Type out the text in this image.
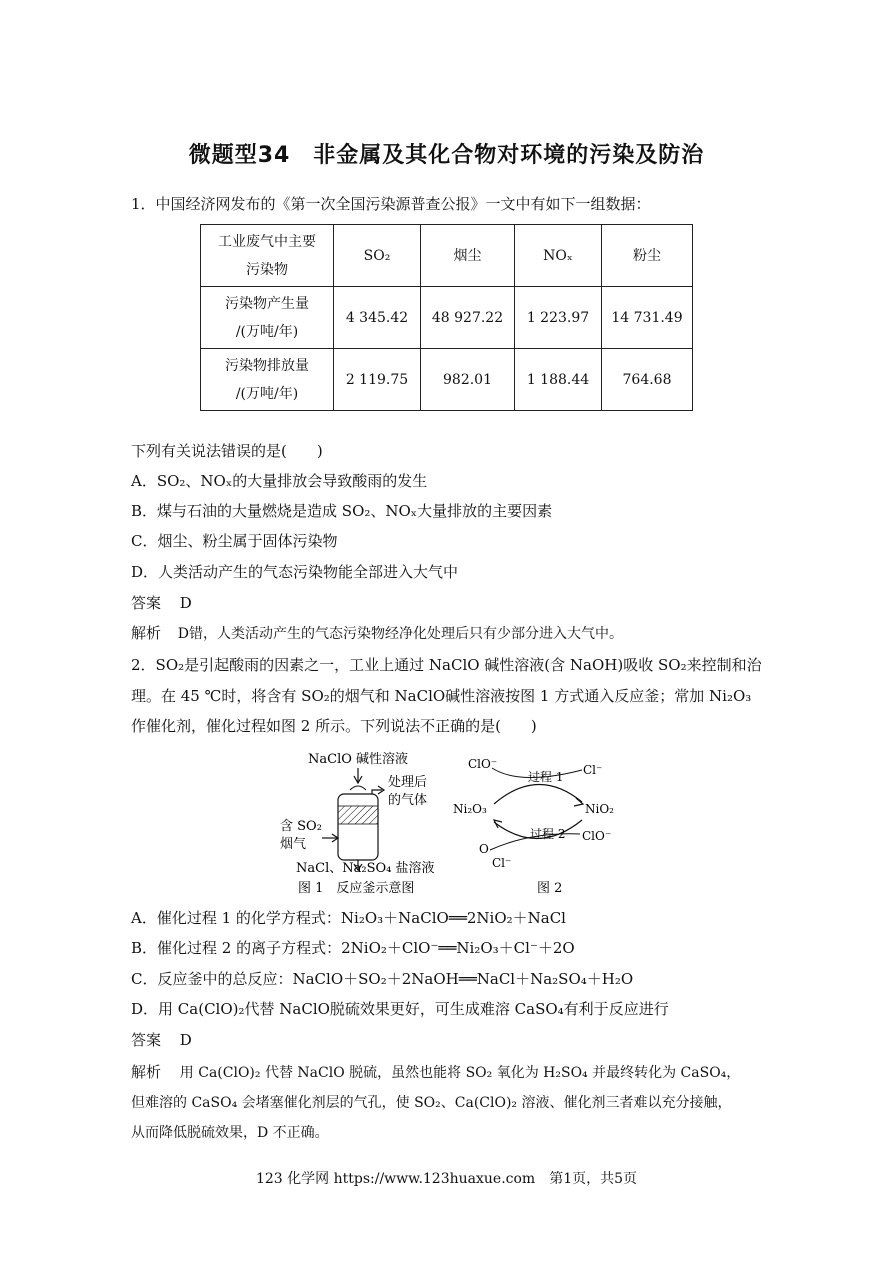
微题型34　非金属及其化合物对环境的污染及防治
1．中国经济网发布的《第一次全国污染源普查公报》一文中有如下一组数据：
工业废气中主要
污染物	SO₂	烟尘	NOₓ	粉尘

污染物产生量
/(万吨/年)	4 345.42	48 927.22	1 223.97	14 731.49

污染物排放量
/(万吨/年)	2 119.75	982.01	1 188.44	764.68
下列有关说法错误的是(　　)
A．SO₂、NOₓ的大量排放会导致酸雨的发生
B．煤与石油的大量燃烧是造成 SO₂、NOₓ大量排放的主要因素
C．烟尘、粉尘属于固体污染物
D．人类活动产生的气态污染物能全部进入大气中
答案 D
解析 D错，人类活动产生的气态污染物经净化处理后只有少部分进入大气中。
2．SO₂是引起酸雨的因素之一，工业上通过 NaClO 碱性溶液(含 NaOH)吸收 SO₂来控制和治
理。在 45 ℃时，将含有 SO₂的烟气和 NaClO碱性溶液按图 1 方式通入反应釜；常加 Ni₂O₃
作催化剂，催化过程如图 2 所示。下列说法不正确的是(　　)
NaClO 碱性溶液
处理后
的气体
含 SO₂
烟气
NaCl、Na₂SO₄ 盐溶液
图 1　反应釜示意图
ClO⁻	Cl⁻
过程 1
Ni₂O₃	NiO₂
过程 2 ClO⁻
O
Cl⁻
图 2
A．催化过程 1 的化学方程式：Ni₂O₃＋NaClO══2NiO₂＋NaCl
B．催化过程 2 的离子方程式：2NiO₂＋ClO⁻══Ni₂O₃＋Cl⁻＋2O
C．反应釜中的总反应：NaClO＋SO₂＋2NaOH══NaCl＋Na₂SO₄＋H₂O
D．用 Ca(ClO)₂代替 NaClO脱硫效果更好，可生成难溶 CaSO₄有利于反应进行
答案 D
解析 用 Ca(ClO)₂ 代替 NaClO 脱硫，虽然也能将 SO₂ 氧化为 H₂SO₄ 并最终转化为 CaSO₄，
但难溶的 CaSO₄ 会堵塞催化剂层的气孔，使 SO₂、Ca(ClO)₂ 溶液、催化剂三者难以充分接触，
从而降低脱硫效果，D 不正确。
123 化学网 https://www.123huaxue.com　第1页，共5页
